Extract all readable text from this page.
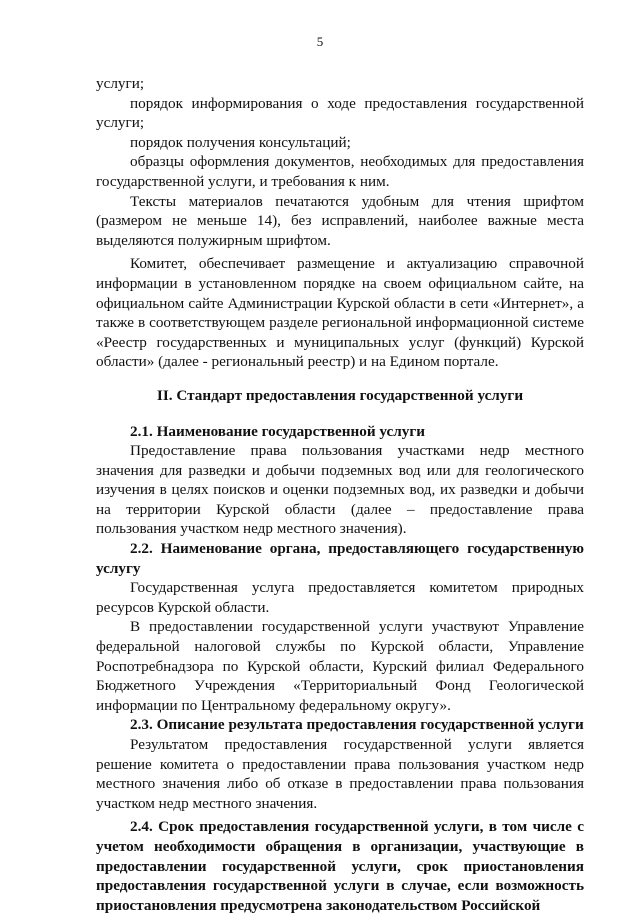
5

услуги;

порядок информирования о ходе предоставления государственной услуги;

порядок получения консультаций;

образцы оформления документов, необходимых для предоставления государственной услуги, и требования к ним.

Тексты материалов печатаются удобным для чтения шрифтом (размером не меньше 14), без исправлений, наиболее важные места выделяются полужирным шрифтом.

Комитет, обеспечивает размещение и актуализацию справочной информации в установленном порядке на своем официальном сайте, на официальном сайте Администрации Курской области в сети «Интернет», а также в соответствующем разделе региональной информационной системе «Реестр государственных и муниципальных услуг (функций) Курской области» (далее - региональный реестр) и на Едином портале.

II. Стандарт предоставления государственной услуги

2.1. Наименование государственной услуги

Предоставление права пользования участками недр местного значения для разведки и добычи подземных вод или для геологического изучения в целях поисков и оценки подземных вод, их разведки и добычи на территории Курской области (далее – предоставление права пользования участком недр местного значения).

2.2. Наименование органа, предоставляющего государственную услугу

Государственная услуга предоставляется комитетом природных ресурсов Курской области.

В предоставлении государственной услуги участвуют Управление федеральной налоговой службы по Курской области, Управление Роспотребнадзора по Курской области, Курский филиал Федерального Бюджетного Учреждения «Территориальный Фонд Геологической информации по Центральному федеральному округу».

2.3. Описание результата предоставления государственной услуги

Результатом предоставления государственной услуги является решение комитета о предоставлении права пользования участком недр местного значения либо об отказе в предоставлении права пользования участком недр местного значения.

2.4. Срок предоставления государственной услуги, в том числе с учетом необходимости обращения в организации, участвующие в предоставлении государственной услуги, срок приостановления предоставления государственной услуги в случае, если возможность приостановления предусмотрена законодательством Российской
